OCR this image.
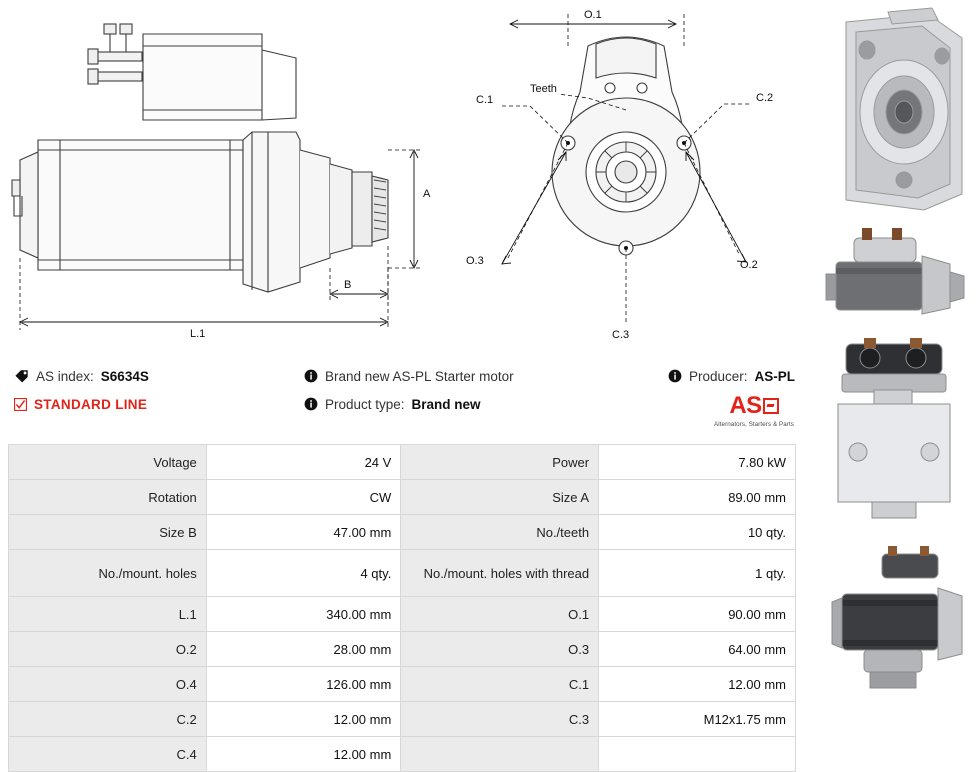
A
B
L.1
O.1
C.1	C.2
C.3
O.3	O.2
Teeth
AS index: S6634S
STANDARD LINE
Brand new AS-PL Starter motor
Product type: Brand new
Producer: AS-PL
AS
Alternators, Starters & Parts
Voltage	24 V	Power	7.80 kW
Rotation	CW	Size A	89.00 mm
Size B	47.00 mm	No./teeth	10 qty.
No./mount. holes	4 qty.	No./mount. holes with thread	1 qty.
L.1	340.00 mm	O.1	90.00 mm
O.2	28.00 mm	O.3	64.00 mm
O.4	126.00 mm	C.1	12.00 mm
C.2	12.00 mm	C.3	M12x1.75 mm
C.4	12.00 mm		
